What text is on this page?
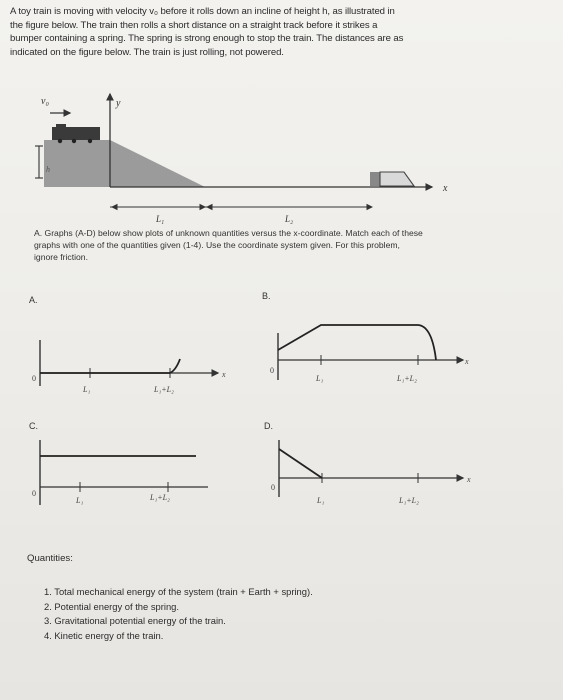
A toy train is moving with velocity v₀ before it rolls down an incline of height h, as illustrated in

the figure below. The train then rolls a short distance on a straight track before it strikes a

bumper containing a spring. The spring is strong enough to stop the train. The distances are as

indicated on the figure below. The train is just rolling, not powered.

v₀	y
h
x
L₁	L₂
0
L₁	L₁+L₂
x	0
L₁	L₁+L₂
x
0
L₁	L₁+L₂
0
L₁	L₁+L₂
x

A. Graphs (A-D) below show plots of unknown quantities versus the x-coordinate. Match each of these

graphs with one of the quantities given (1-4). Use the coordinate system given. For this problem,

ignore friction.

A.	B.
C.	D.
Quantities:
1. Total mechanical energy of the system (train + Earth + spring).
2. Potential energy of the spring.
3. Gravitational potential energy of the train.
4. Kinetic energy of the train.
